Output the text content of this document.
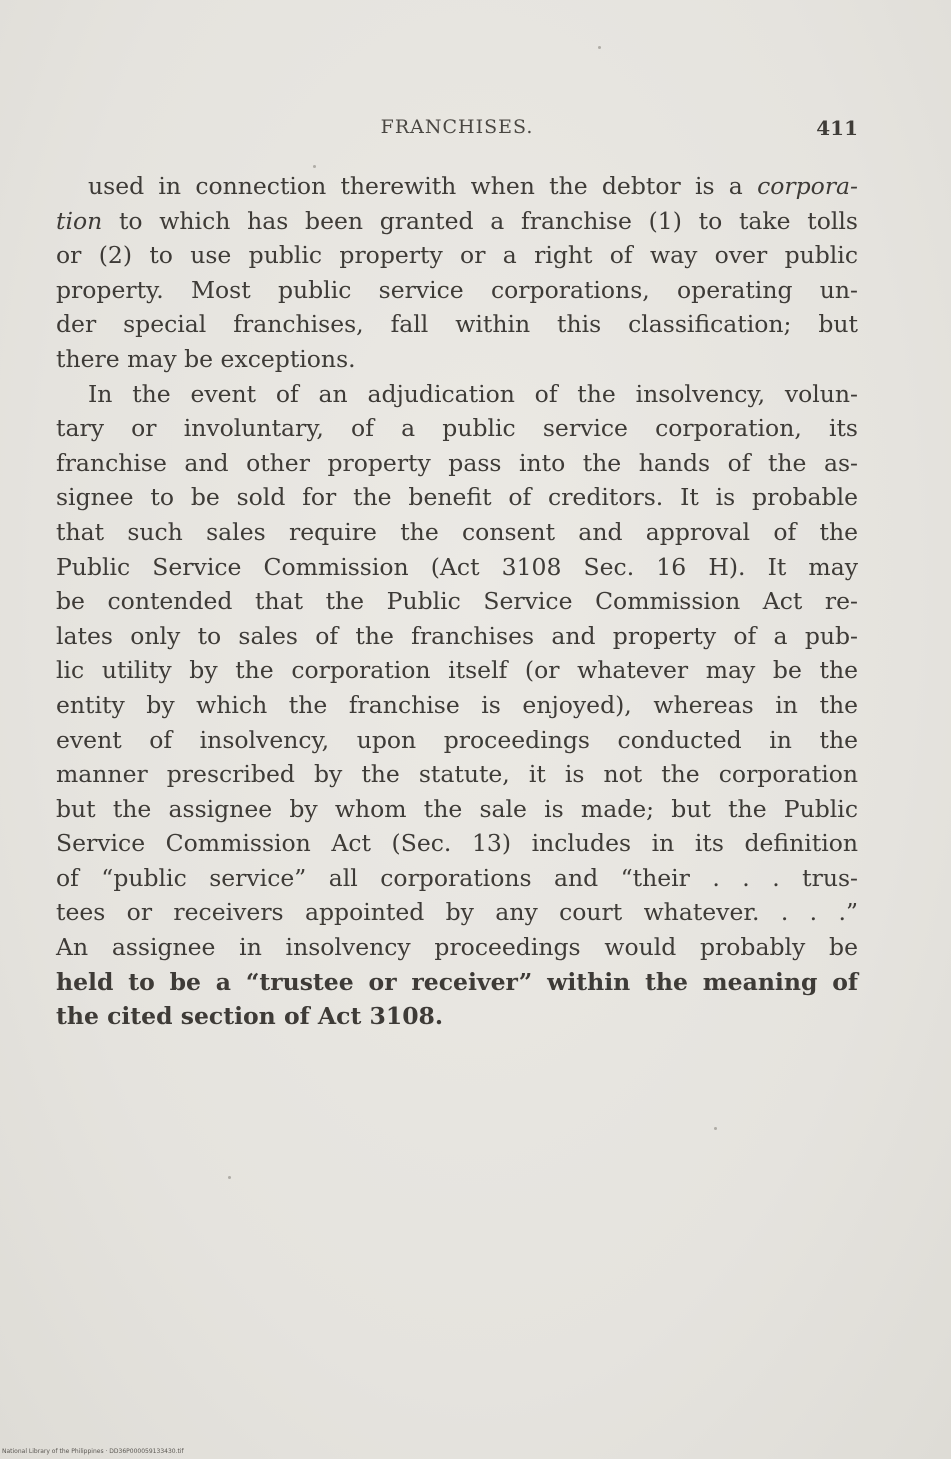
FRANCHISES.	411
used in connection therewith when the debtor is a corpora-
tion to which has been granted a franchise (1) to take tolls
or (2) to use public property or a right of way over public
property. Most public service corporations, operating un-
der special franchises, fall within this classification; but
there may be exceptions.
In the event of an adjudication of the insolvency, volun-
tary or involuntary, of a public service corporation, its
franchise and other property pass into the hands of the as-
signee to be sold for the benefit of creditors. It is probable
that such sales require the consent and approval of the
Public Service Commission (Act 3108 Sec. 16 H). It may
be contended that the Public Service Commission Act re-
lates only to sales of the franchises and property of a pub-
lic utility by the corporation itself (or whatever may be the
entity by which the franchise is enjoyed), whereas in the
event of insolvency, upon proceedings conducted in the
manner prescribed by the statute, it is not the corporation
but the assignee by whom the sale is made; but the Public
Service Commission Act (Sec. 13) includes in its definition
of “public service” all corporations and “their . . . trus-
tees or receivers appointed by any court whatever. . . .”
An assignee in insolvency proceedings would probably be
held to be a “trustee or receiver” within the meaning of
the cited section of Act 3108.
National Library of the Philippines · DD36P000059133430.tif
